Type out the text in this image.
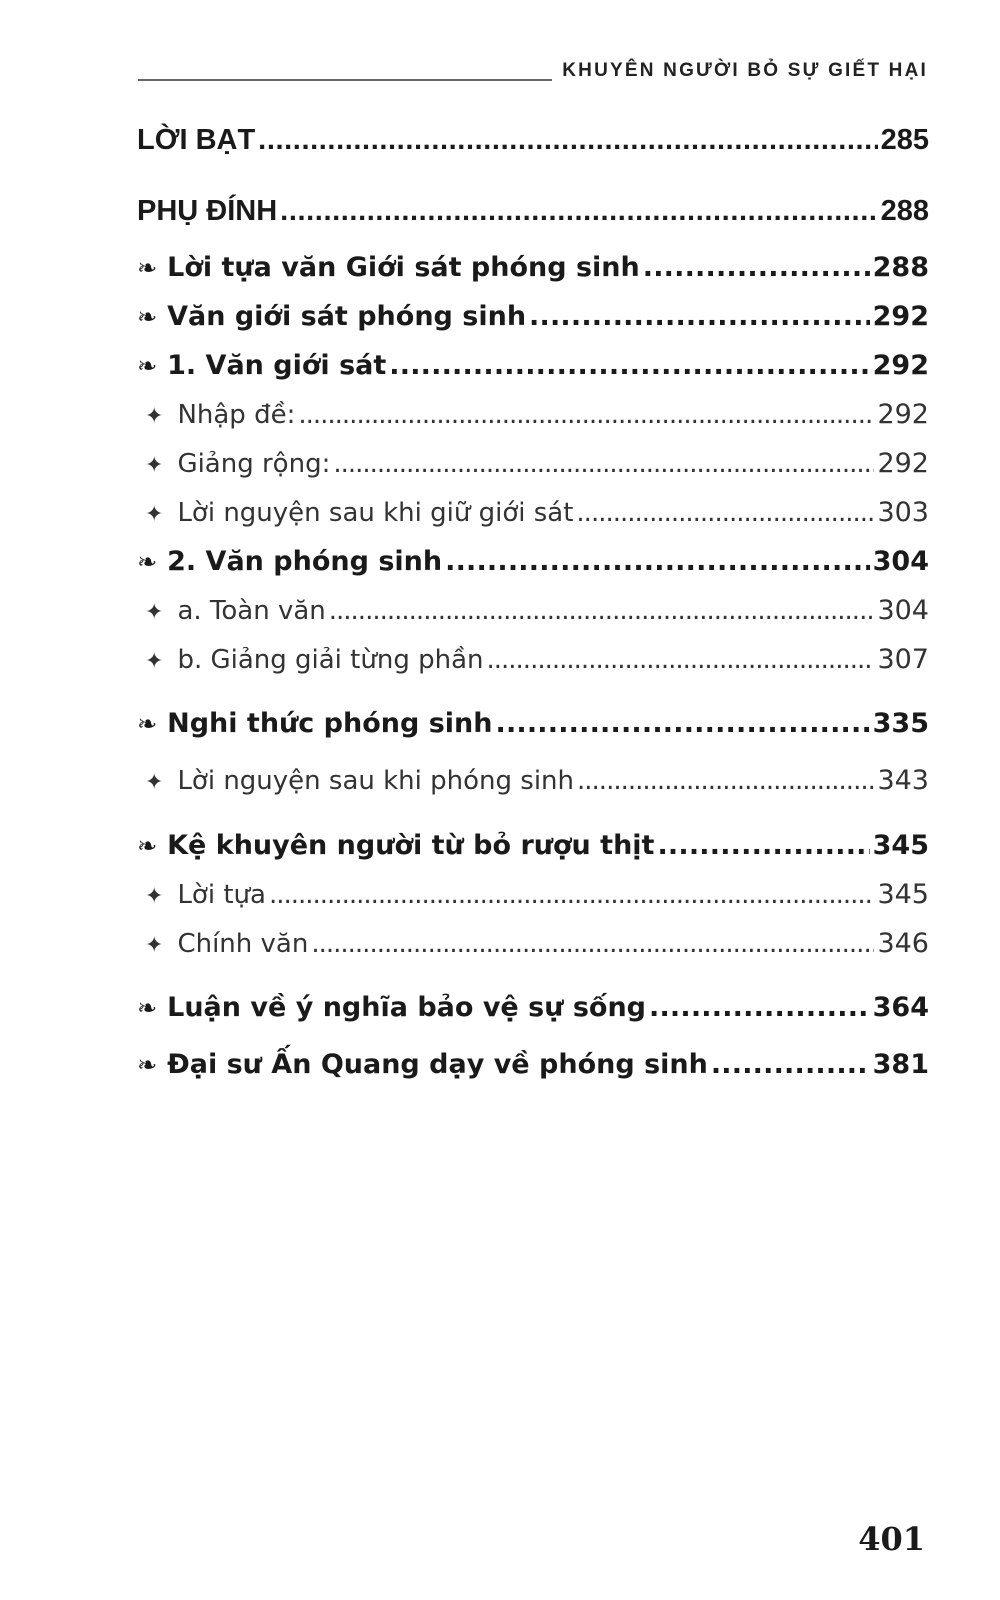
KHUYÊN NGƯỜI BỎ SỰ GIẾT HẠI
LỜI BẠT .....	285
PHỤ ĐÍNH .....	288
❧ Lời tựa văn Giới sát phóng sinh .....	288
❧ Văn giới sát phóng sinh .....	292
❧ 1. Văn giới sát .....	292
✦ Nhập đề: .....	292
✦ Giảng rộng: .....	292
✦ Lời nguyện sau khi giữ giới sát .....	303
❧ 2. Văn phóng sinh .....	304
✦ a. Toàn văn .....	304
✦ b. Giảng giải từng phần .....	307
❧ Nghi thức phóng sinh .....	335
✦ Lời nguyện sau khi phóng sinh .....	343
❧ Kệ khuyên người từ bỏ rượu thịt .....	345
✦ Lời tựa .....	345
✦ Chính văn .....	346
❧ Luận về ý nghĩa bảo vệ sự sống .....	364
❧ Đại sư Ấn Quang dạy về phóng sinh .....	381
401
